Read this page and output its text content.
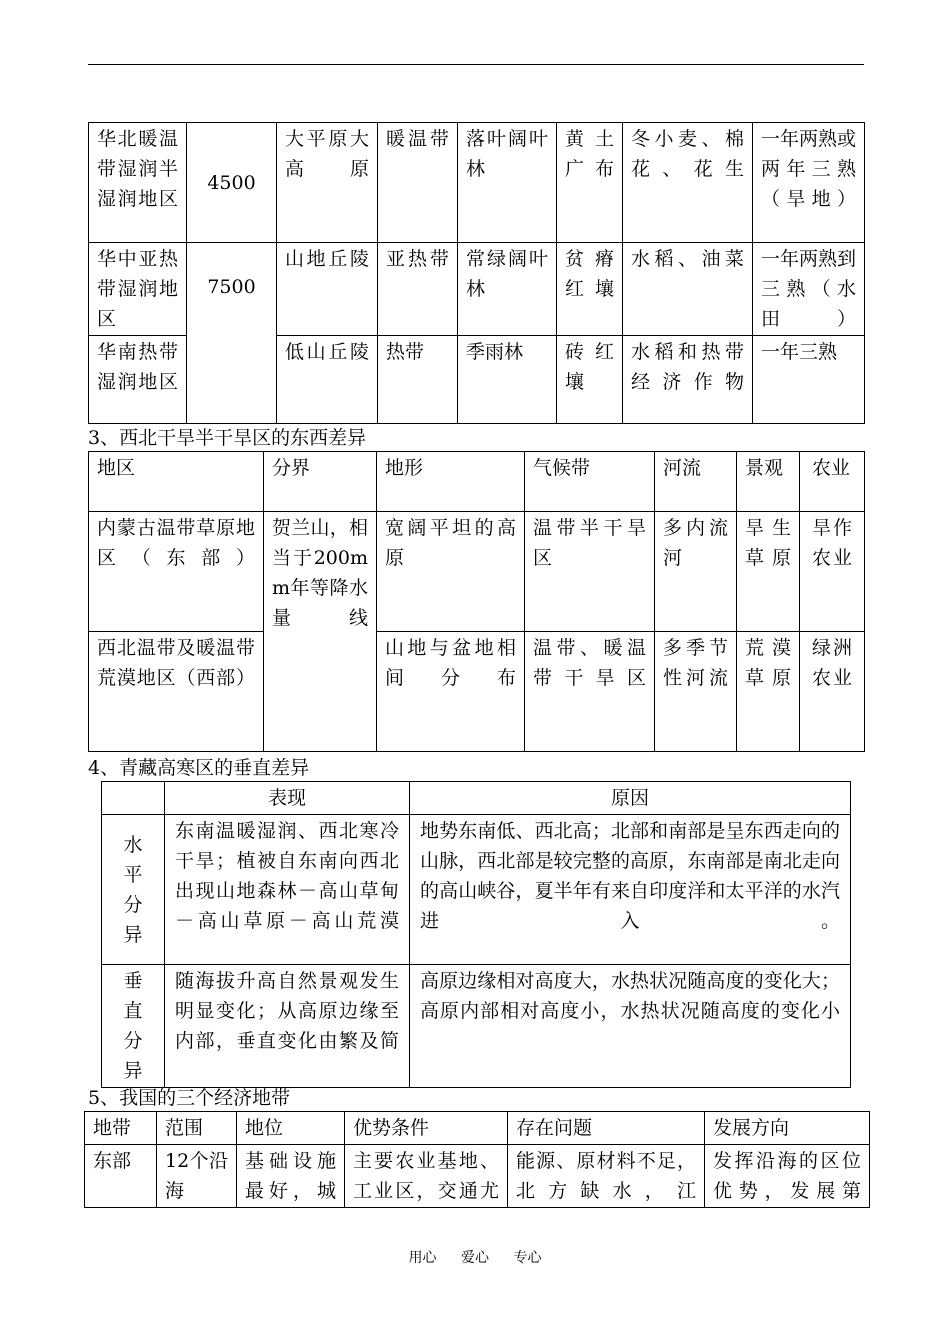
华北暖温带湿润半湿润地区	4500	大平原大高原	暖温带	落叶阔叶林	黄土广布	冬小麦、棉花、花生	一年两熟或两年三熟（旱地）
华中亚热带湿润地区	7500	山地丘陵	亚热带	常绿阔叶林	贫瘠红壤	水稻、油菜	一年两熟到三熟（水田）
华南热带湿润地区		低山丘陵	热带	季雨林	砖红壤	水稻和热带经济作物	一年三熟
3、西北干旱半干旱区的东西差异
地区	分界	地形	气候带	河流	景观	农业
内蒙古温带草原地区（东部）	贺兰山，相当于200mm年等降水量线	宽阔平坦的高原	温带半干旱区	多内流河	旱生草原	旱作农业
西北温带及暖温带荒漠地区（西部）		山地与盆地相间分布	温带、暖温带干旱区	多季节性河流	荒漠草原	绿洲农业
4、青藏高寒区的垂直差异
	表现	原因
水平分异	东南温暖湿润、西北寒冷干旱；植被自东南向西北出现山地森林－高山草甸－高山草原－高山荒漠	地势东南低、西北高；北部和南部是呈东西走向的山脉，西北部是较完整的高原，东南部是南北走向的高山峡谷，夏半年有来自印度洋和太平洋的水汽进入。
垂直分异	随海拔升高自然景观发生明显变化；从高原边缘至内部，垂直变化由繁及简	高原边缘相对高度大，水热状况随高度的变化大；
高原内部相对高度小，水热状况随高度的变化小
5、我国的三个经济地带
地带	范围	地位	优势条件	存在问题	发展方向
东部	12个沿海	基础设施最好，城	主要农业基地、工业区，交通尤	能源、原材料不足，北方缺水，江	发挥沿海的区位优势，发展第
用心 爱心 专心
